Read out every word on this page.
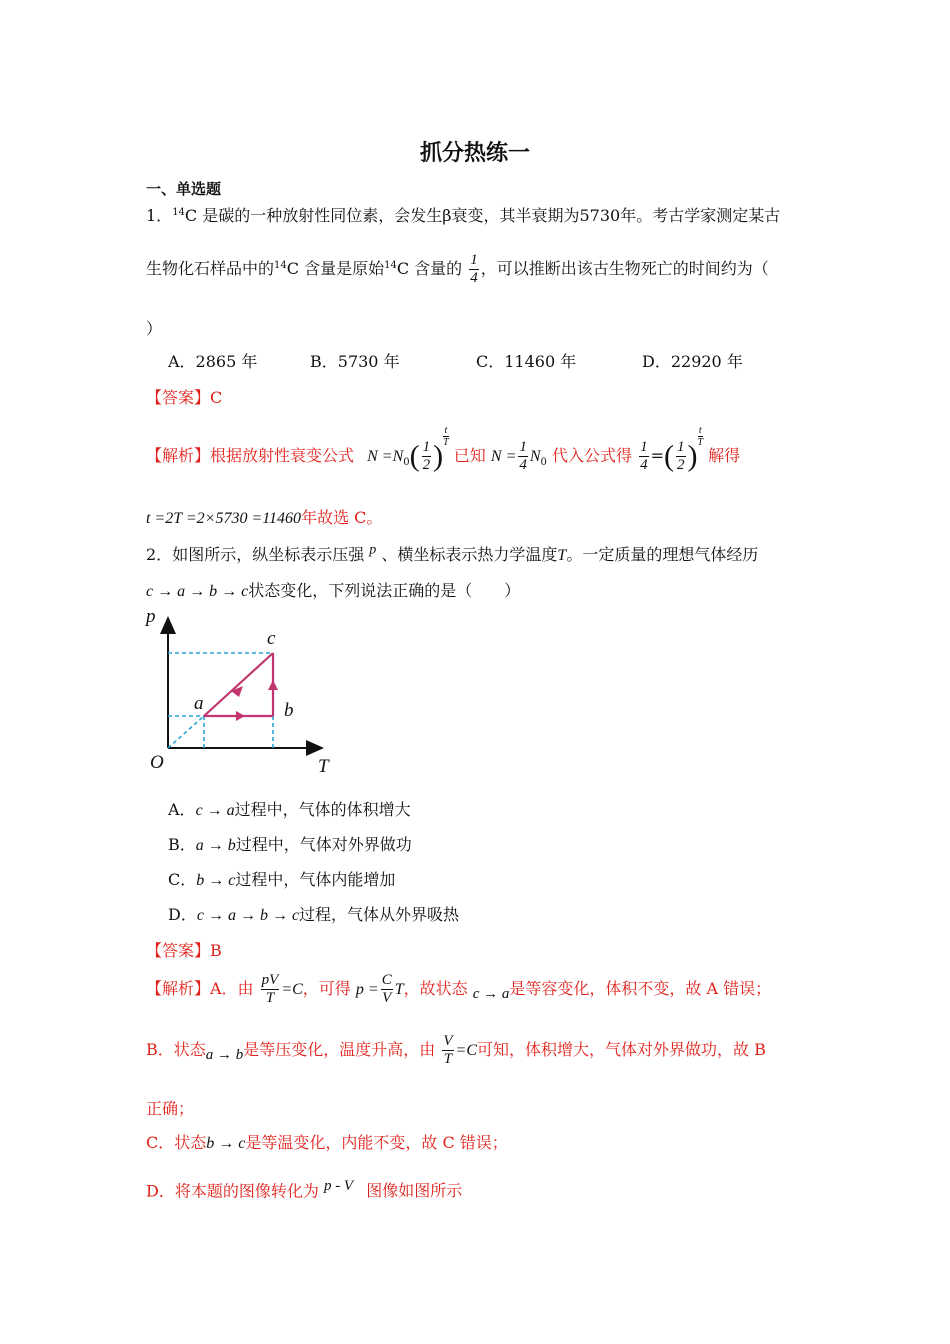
抓分热练一
一、单选题
1．$^{14}$C 是碳的一种放射性同位素，会发生β衰变，其半衰期为5730年。考古学家测定某古
生物化石样品中的$^{14}$C 含量是原始$^{14}$C 含量的 $\frac{1}{4}$ ，可以推断出该古生物死亡的时间约为（
）
A．2865 年	B．5730 年	C．11460 年	D．22920 年
【答案】C
【解析】根据放射性衰变公式 $N =N_0( \frac{1}{2}$ )
$^{\frac{t}{T}}$
已知 $N = \frac{1}{4} N_0$ 代入公式得 $\frac{1}{4}$ =( $\frac{1}{2}$ )
$^{\frac{t}{T}}$
解得
t =2T =2×5730 =11460年故选 C。
2．如图所示，纵坐标表示压强 $^p$ 、横坐标表示热力学温度T。一定质量的理想气体经历
c → a → b → c状态变化，下列说法正确的是（　　）
p
T
O
a	b
c
A．c → a过程中，气体的体积增大
B．a → b过程中，气体对外界做功
C．b → c过程中，气体内能增加
D．c → a → b → c过程，气体从外界吸热
【答案】B
【解析】A．由 $\frac{pV}{T} =C$，可得 $p = \frac{C}{V}$ T，故状态 $_{c \to a}$是等容变化，体积不变，故 A 错误；
B．状态$_{a \to b}$是等压变化，温度升高，由 $\frac{V}{T} =C$可知，体积增大，气体对外界做功，故 B
正确；
C．状态b → c是等温变化，内能不变，故 C 错误；
D．将本题的图像转化为 $^{p - V}$ 图像如图所示
